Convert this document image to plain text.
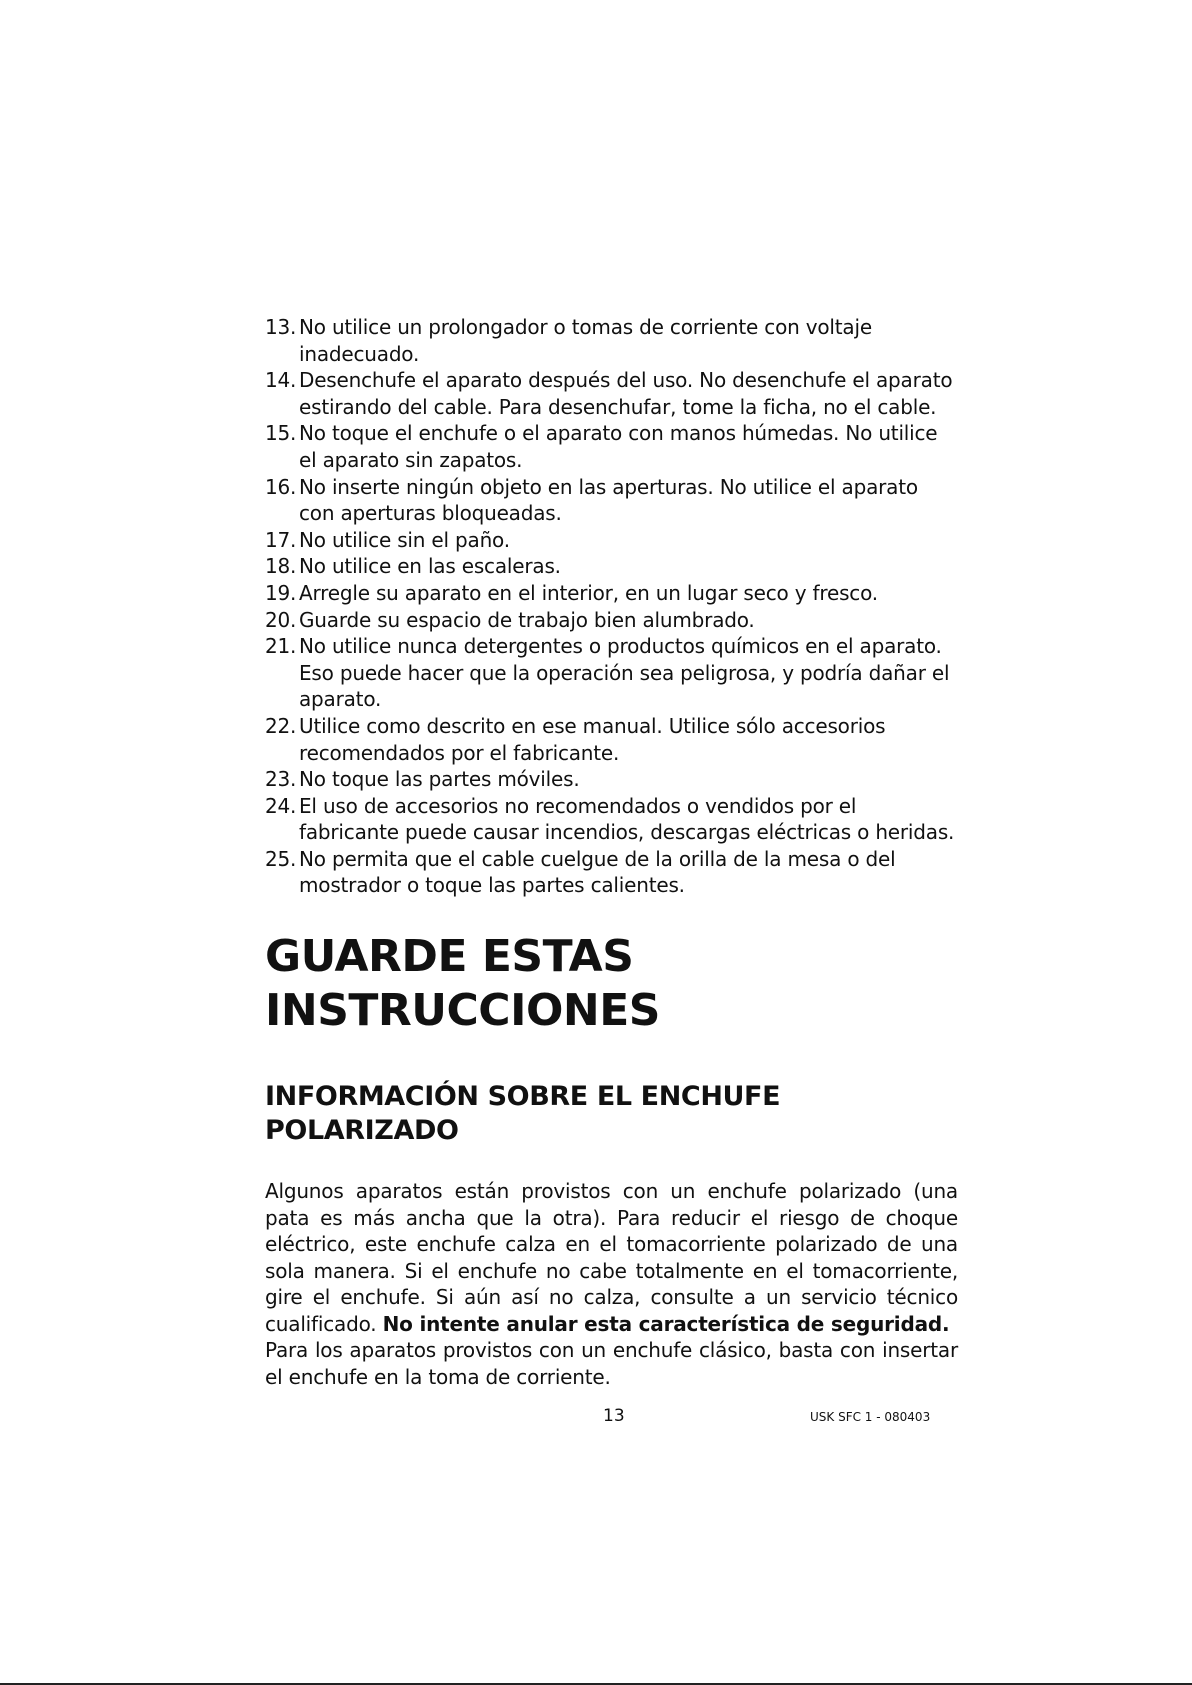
13. No utilice un prolongador o tomas de corriente con voltaje inadecuado.
14. Desenchufe el aparato después del uso. No desenchufe el aparato estirando del cable. Para desenchufar, tome la ficha, no el cable.
15. No toque el enchufe o el aparato con manos húmedas. No utilice el aparato sin zapatos.
16. No inserte ningún objeto en las aperturas. No utilice el aparato con aperturas bloqueadas.
17. No utilice sin el paño.
18. No utilice en las escaleras.
19. Arregle su aparato en el interior, en un lugar seco y fresco.
20. Guarde su espacio de trabajo bien alumbrado.
21. No utilice nunca detergentes o productos químicos en el aparato. Eso puede hacer que la operación sea peligrosa, y podría dañar el aparato.
22. Utilice como descrito en ese manual. Utilice sólo accesorios recomendados por el fabricante.
23. No toque las partes móviles.
24. El uso de accesorios no recomendados o vendidos por el fabricante puede causar incendios, descargas eléctricas o heridas.
25. No permita que el cable cuelgue de la orilla de la mesa o del mostrador o toque las partes calientes.
GUARDE ESTAS INSTRUCCIONES
INFORMACIÓN SOBRE EL ENCHUFE POLARIZADO

Algunos aparatos están provistos con un enchufe polarizado (una pata es más ancha que la otra). Para reducir el riesgo de choque eléctrico, este enchufe calza en el tomacorriente polarizado de una sola manera. Si el enchufe no cabe totalmente en el tomacorriente, gire el enchufe. Si aún así no calza, consulte a un servicio técnico cualificado. No intente anular esta característica de seguridad.

Para los aparatos provistos con un enchufe clásico, basta con insertar el enchufe en la toma de corriente.

13	USK SFC 1 - 080403
